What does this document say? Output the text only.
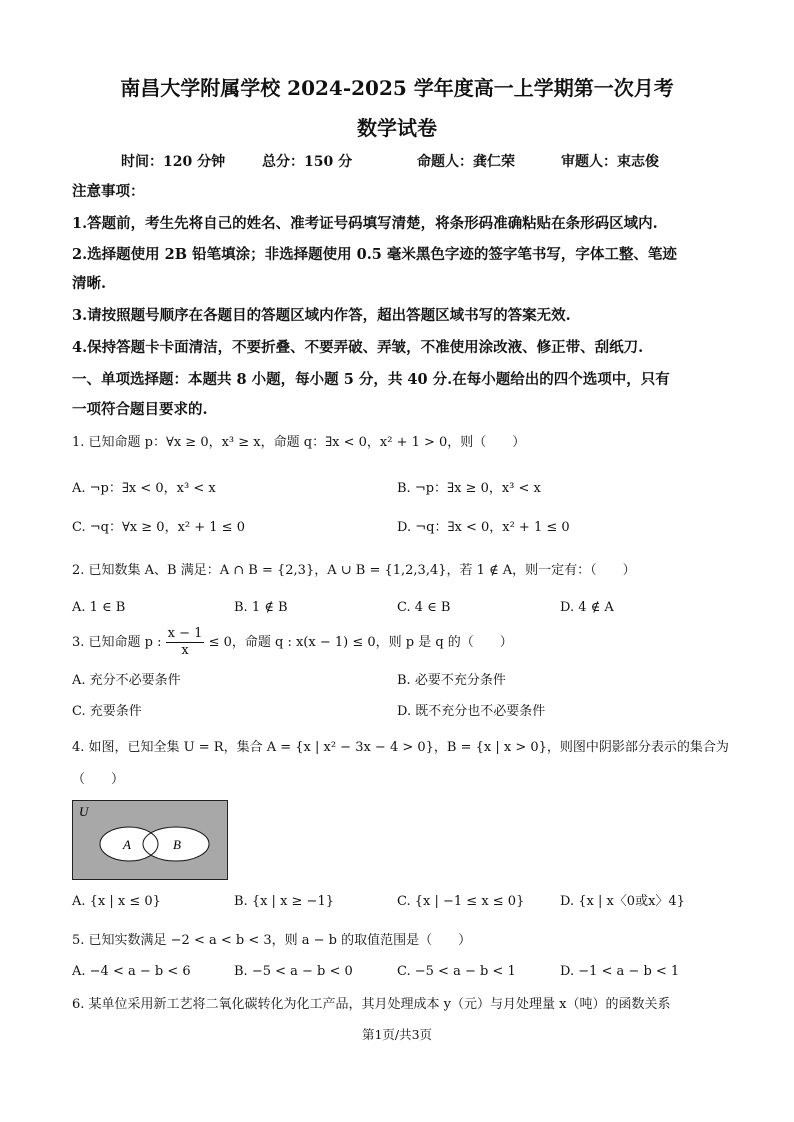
南昌大学附属学校 2024-2025 学年度高一上学期第一次月考
数学试卷
时间：120 分钟	总分：150 分	命题人：龚仁荣	审题人：束志俊
注意事项：
1.答题前，考生先将自己的姓名、准考证号码填写清楚，将条形码准确粘贴在条形码区域内.
2.选择题使用 2B 铅笔填涂；非选择题使用 0.5 毫米黑色字迹的签字笔书写，字体工整、笔迹
清晰.
3.请按照题号顺序在各题目的答题区域内作答，超出答题区域书写的答案无效.
4.保持答题卡卡面清洁，不要折叠、不要弄破、弄皱，不准使用涂改液、修正带、刮纸刀.
一、单项选择题：本题共 8 小题，每小题 5 分，共 40 分.在每小题给出的四个选项中，只有
一项符合题目要求的.
1. 已知命题 p：∀x ≥ 0，x³ ≥ x，命题 q：∃x < 0，x² + 1 > 0，则（　　）
A. ¬p：∃x < 0，x³ < x	B. ¬p：∃x ≥ 0，x³ < x
C. ¬q：∀x ≥ 0，x² + 1 ≤ 0	D. ¬q：∃x < 0，x² + 1 ≤ 0
2. 已知数集 A、B 满足：A ∩ B = {2,3}，A ∪ B = {1,2,3,4}，若 1 ∉ A，则一定有：（　　）
A. 1 ∈ B	B. 1 ∉ B	C. 4 ∈ B	D. 4 ∉ A
3. 已知命题 p : $\frac{x - 1}{x} \le 0$，命题 q : x(x − 1) ≤ 0，则 p 是 q 的（　　）
A. 充分不必要条件	B. 必要不充分条件
C. 充要条件	D. 既不充分也不必要条件
4. 如图，已知全集 U = R，集合 A = {x | x² − 3x − 4 > 0}，B = {x | x > 0}，则图中阴影部分表示的集合为
（　　）
U
A	B
A. {x | x ≤ 0}	B. {x | x ≥ −1}	C. {x | −1 ≤ x ≤ 0}	D. {x | x〈0或x〉4}
5. 已知实数满足 −2 < a < b < 3，则 a − b 的取值范围是（　　）
A. −4 < a − b < 6	B. −5 < a − b < 0	C. −5 < a − b < 1	D. −1 < a − b < 1
6. 某单位采用新工艺将二氧化碳转化为化工产品，其月处理成本 y（元）与月处理量 x（吨）的函数关系
第1页/共3页
